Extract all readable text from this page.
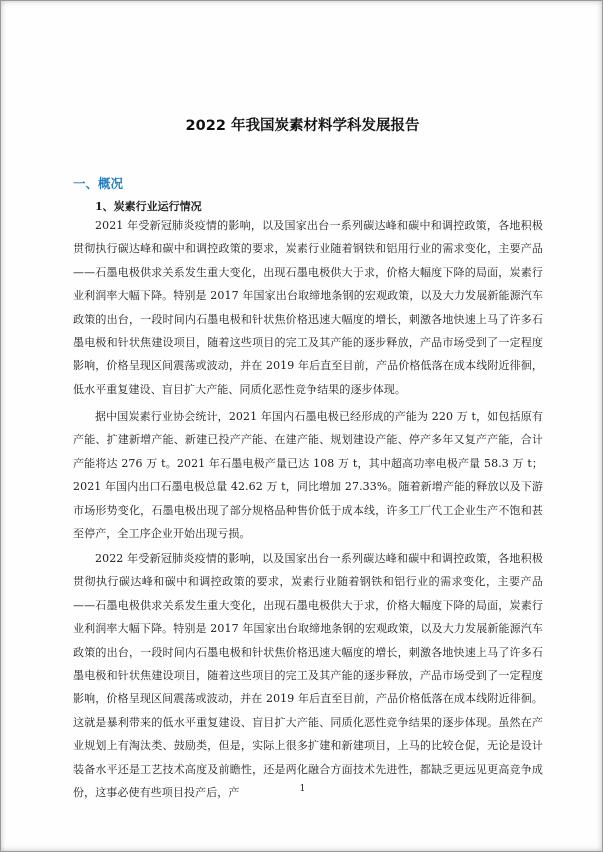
2022 年我国炭素材料学科发展报告
一、概况
1、炭素行业运行情况

2021 年受新冠肺炎疫情的影响，以及国家出台一系列碳达峰和碳中和调控政策，各地积极贯彻执行碳达峰和碳中和调控政策的要求，炭素行业随着钢铁和铝用行业的需求变化，主要产品——石墨电极供求关系发生重大变化，出现石墨电极供大于求，价格大幅度下降的局面，炭素行业利润率大幅下降。特别是 2017 年国家出台取缔地条钢的宏观政策，以及大力发展新能源汽车政策的出台，一段时间内石墨电极和针状焦价格迅速大幅度的增长，刺激各地快速上马了许多石墨电极和针状焦建设项目，随着这些项目的完工及其产能的逐步释放，产品市场受到了一定程度影响，价格呈现区间震荡或波动，并在 2019 年后直至目前，产品价格低落在成本线附近徘徊，低水平重复建设、盲目扩大产能、同质化恶性竞争结果的逐步体现。

据中国炭素行业协会统计，2021 年国内石墨电极已经形成的产能为 220 万 t，如包括原有产能、扩建新增产能、新建已投产产能、在建产能、规划建设产能、停产多年又复产产能，合计产能将达 276 万 t。2021 年石墨电极产量已达 108 万 t，其中超高功率电极产量 58.3 万 t；2021 年国内出口石墨电极总量 42.62 万 t，同比增加 27.33%。随着新增产能的释放以及下游市场形势变化，石墨电极出现了部分规格品种售价低于成本线，许多工厂代工企业生产不饱和甚至停产，全工序企业开始出现亏损。

2022 年受新冠肺炎疫情的影响，以及国家出台一系列碳达峰和碳中和调控政策，各地积极贯彻执行碳达峰和碳中和调控政策的要求，炭素行业随着钢铁和铝行业的需求变化，主要产品——石墨电极供求关系发生重大变化，出现石墨电极供大于求，价格大幅度下降的局面，炭素行业利润率大幅下降。特别是 2017 年国家出台取缔地条钢的宏观政策，以及大力发展新能源汽车政策的出台，一段时间内石墨电极和针状焦价格迅速大幅度的增长，刺激各地快速上马了许多石墨电极和针状焦建设项目，随着这些项目的完工及其产能的逐步释放，产品市场受到了一定程度影响，价格呈现区间震荡或波动，并在 2019 年后直至目前，产品价格低落在成本线附近徘徊。这就是暴利带来的低水平重复建设、盲目扩大产能、同质化恶性竞争结果的逐步体现。虽然在产业规划上有淘汰类、鼓励类，但是，实际上很多扩建和新建项目，上马的比较仓促，无论是设计装备水平还是工艺技术高度及前瞻性，还是两化融合方面技术先进性，都缺乏更远见更高竞争成份，这事必使有些项目投产后，产	1
